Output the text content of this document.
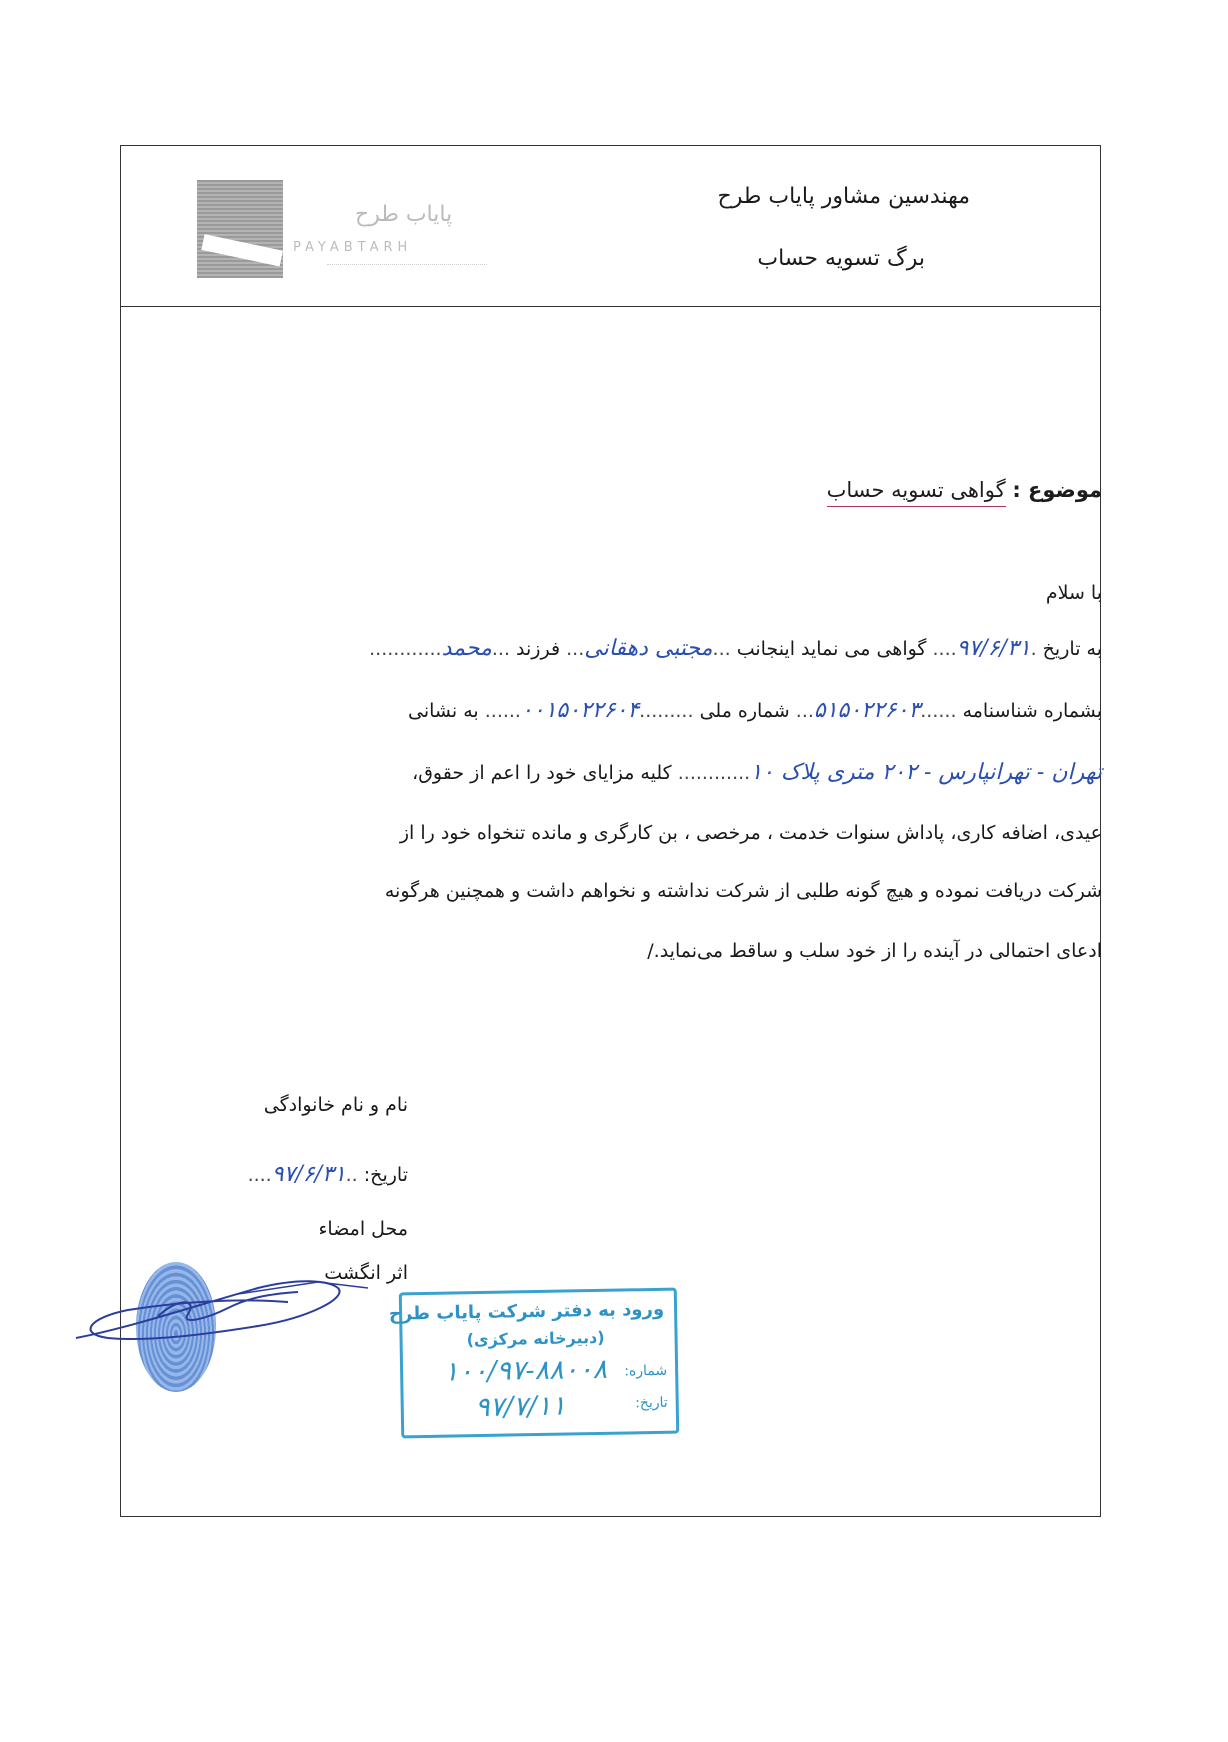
مهندسین مشاور پایاب طرح
برگ تسویه حساب
پایاب طرح
PAYABTARH
موضوع : گواهی تسویه حساب
با سلام
به تاریخ .۹۷/۶/۳۱.... گواهی می نماید اینجانب ...مجتبی دهقانی... فرزند ...محمد............
بشماره شناسنامه ......۵۱۵۰۲۲۶۰۳... شماره ملی .........۰۰۱۵۰۲۲۶۰۴...... به نشانی
تهران - تهرانپارس - ۲۰۲ متری پلاک ۱۰............ کلیه مزایای خود را اعم از حقوق،
عیدی، اضافه کاری، پاداش سنوات خدمت ، مرخصی ، بن کارگری و مانده تنخواه خود را از
شرکت دریافت نموده و هیچ گونه طلبی از شرکت نداشته و نخواهم داشت و همچنین هرگونه
ادعای احتمالی در آینده را از خود سلب و ساقط می‌نماید./
نام و نام خانوادگی
تاریخ: ..۹۷/۶/۳۱....
محل امضاء
اثر انگشت
ورود به دفتر شرکت پایاب طرح
(دبیرخانه مرکزی)
شماره:
۱۰۰/۹۷-۸۸۰۰۸
تاریخ:
۹۷/۷/۱۱
